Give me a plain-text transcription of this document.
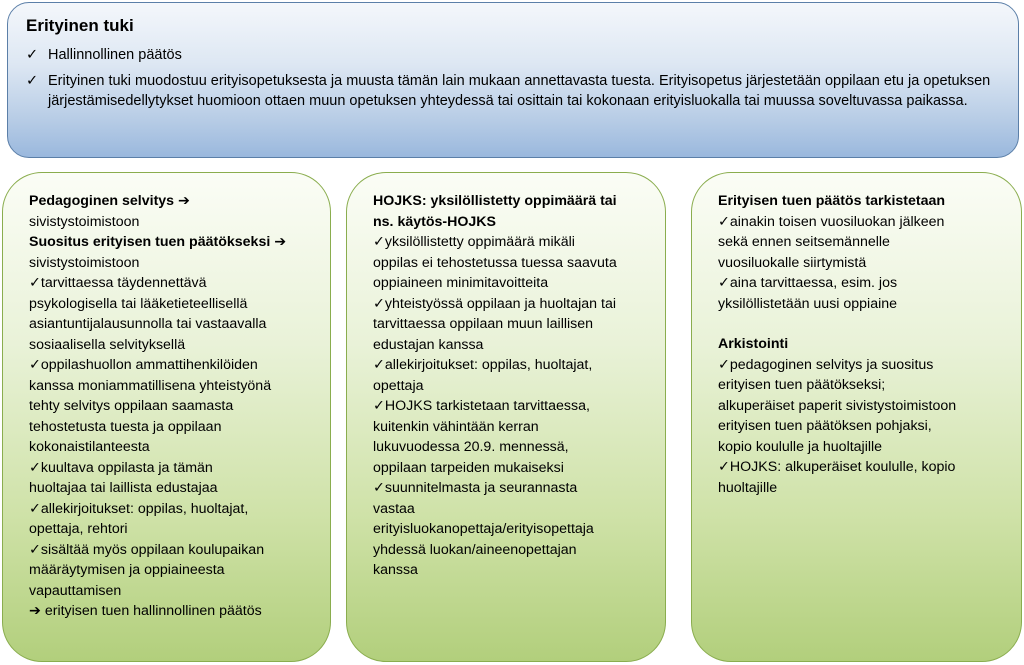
Erityinen tuki
✓ Hallinnollinen päätös
✓ Erityinen tuki muodostuu erityisopetuksesta ja muusta tämän lain mukaan annettavasta tuesta. Erityisopetus järjestetään oppilaan etu ja opetuksen järjestämisedellytykset huomioon ottaen muun opetuksen yhteydessä tai osittain tai kokonaan erityisluokalla tai muussa soveltuvassa paikassa.
Pedagoginen selvitys ➔
sivistystoimistoon
Suositus erityisen tuen päätökseksi ➔
sivistystoimistoon
✓tarvittaessa täydennettävä
psykologisella tai lääketieteellisellä
asiantuntijalausunnolla tai vastaavalla
sosiaalisella selvityksellä
✓oppilashuollon ammattihenkilöiden
kanssa moniammatillisena yhteistyönä
tehty selvitys oppilaan saamasta
tehostetusta tuesta ja oppilaan
kokonaistilanteesta
✓kuultava oppilasta ja tämän
huoltajaa tai laillista edustajaa
✓allekirjoitukset: oppilas, huoltajat,
opettaja, rehtori
✓sisältää myös oppilaan koulupaikan
määräytymisen ja oppiaineesta
vapauttamisen
➔ erityisen tuen hallinnollinen päätös
HOJKS: yksilöllistetty oppimäärä tai
ns. käytös-HOJKS
✓yksilöllistetty oppimäärä mikäli
oppilas ei tehostetussa tuessa saavuta
oppiaineen minimitavoitteita
✓yhteistyössä oppilaan ja huoltajan tai
tarvittaessa oppilaan muun laillisen
edustajan kanssa
✓allekirjoitukset: oppilas, huoltajat,
opettaja
✓HOJKS tarkistetaan tarvittaessa,
kuitenkin vähintään kerran
lukuvuodessa 20.9. mennessä,
oppilaan tarpeiden mukaiseksi
✓suunnitelmasta ja seurannasta
vastaa
erityisluokanopettaja/erityisopettaja
yhdessä luokan/aineenopettajan
kanssa
Erityisen tuen päätös tarkistetaan
✓ainakin toisen vuosiluokan jälkeen
sekä ennen seitsemännelle
vuosiluokalle siirtymistä
✓aina tarvittaessa, esim. jos
yksilöllistetään uusi oppiaine
Arkistointi
✓pedagoginen selvitys ja suositus
erityisen tuen päätökseksi;
alkuperäiset paperit sivistystoimistoon
erityisen tuen päätöksen pohjaksi,
kopio koululle ja huoltajille
✓HOJKS: alkuperäiset koululle, kopio
huoltajille
